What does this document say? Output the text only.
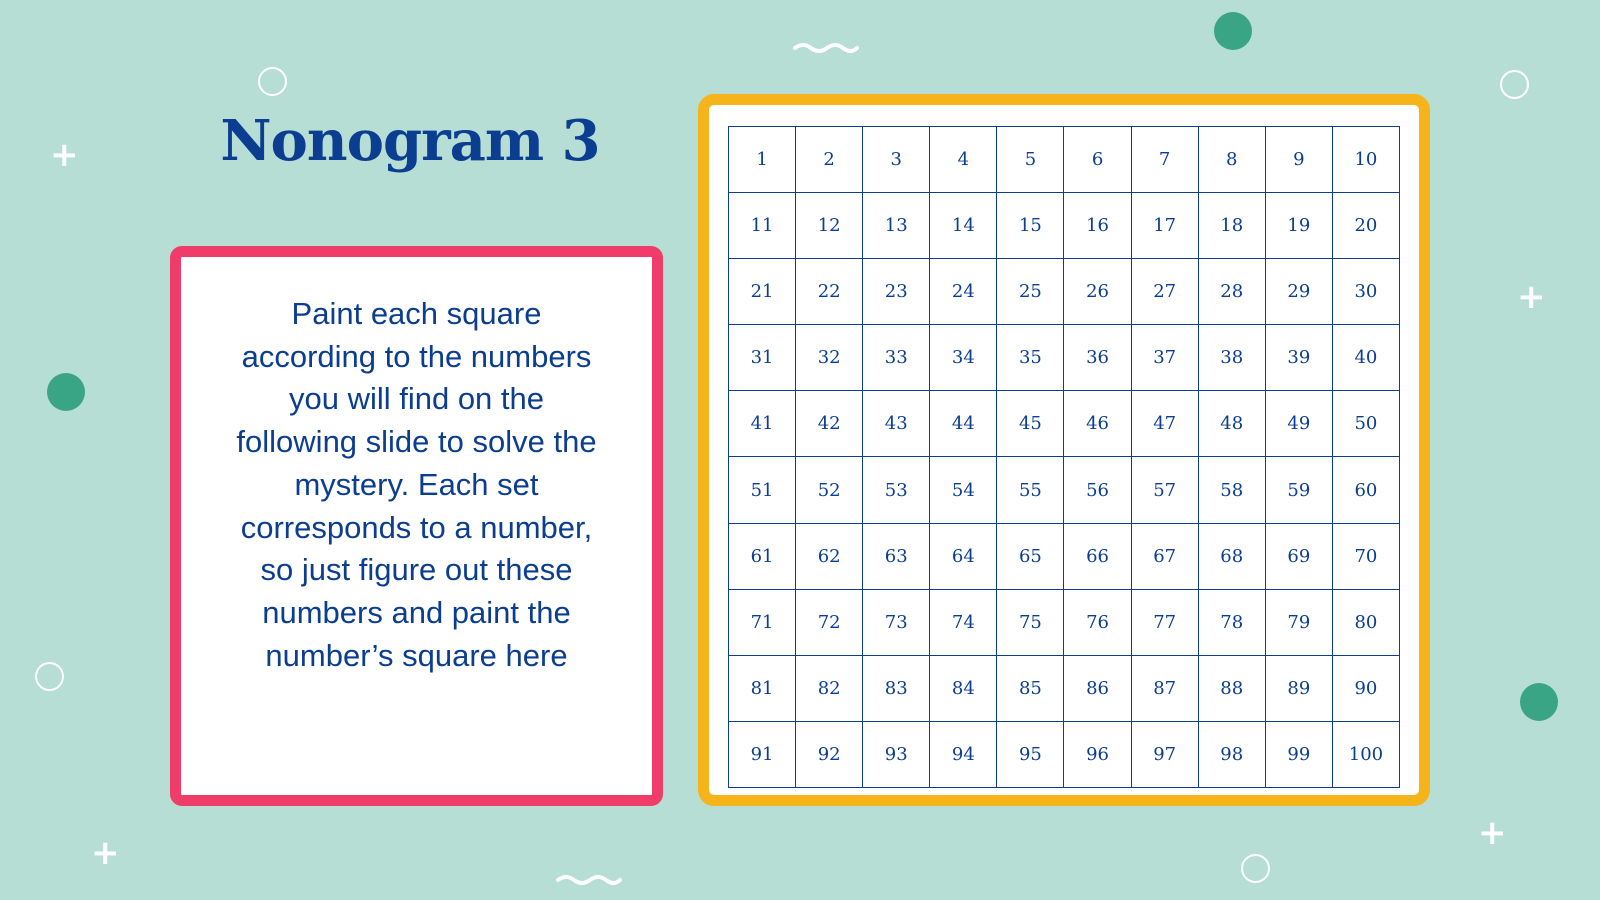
+
+
+	+
Nonogram 3

Paint each square according to the numbers you will find on the following slide to solve the mystery. Each set corresponds to a number, so just figure out these numbers and paint the number’s square here

1	2	3	4	5	6	7	8	9	10
11	12	13	14	15	16	17	18	19	20
21	22	23	24	25	26	27	28	29	30
31	32	33	34	35	36	37	38	39	40
41	42	43	44	45	46	47	48	49	50
51	52	53	54	55	56	57	58	59	60
61	62	63	64	65	66	67	68	69	70
71	72	73	74	75	76	77	78	79	80
81	82	83	84	85	86	87	88	89	90
91	92	93	94	95	96	97	98	99	100
